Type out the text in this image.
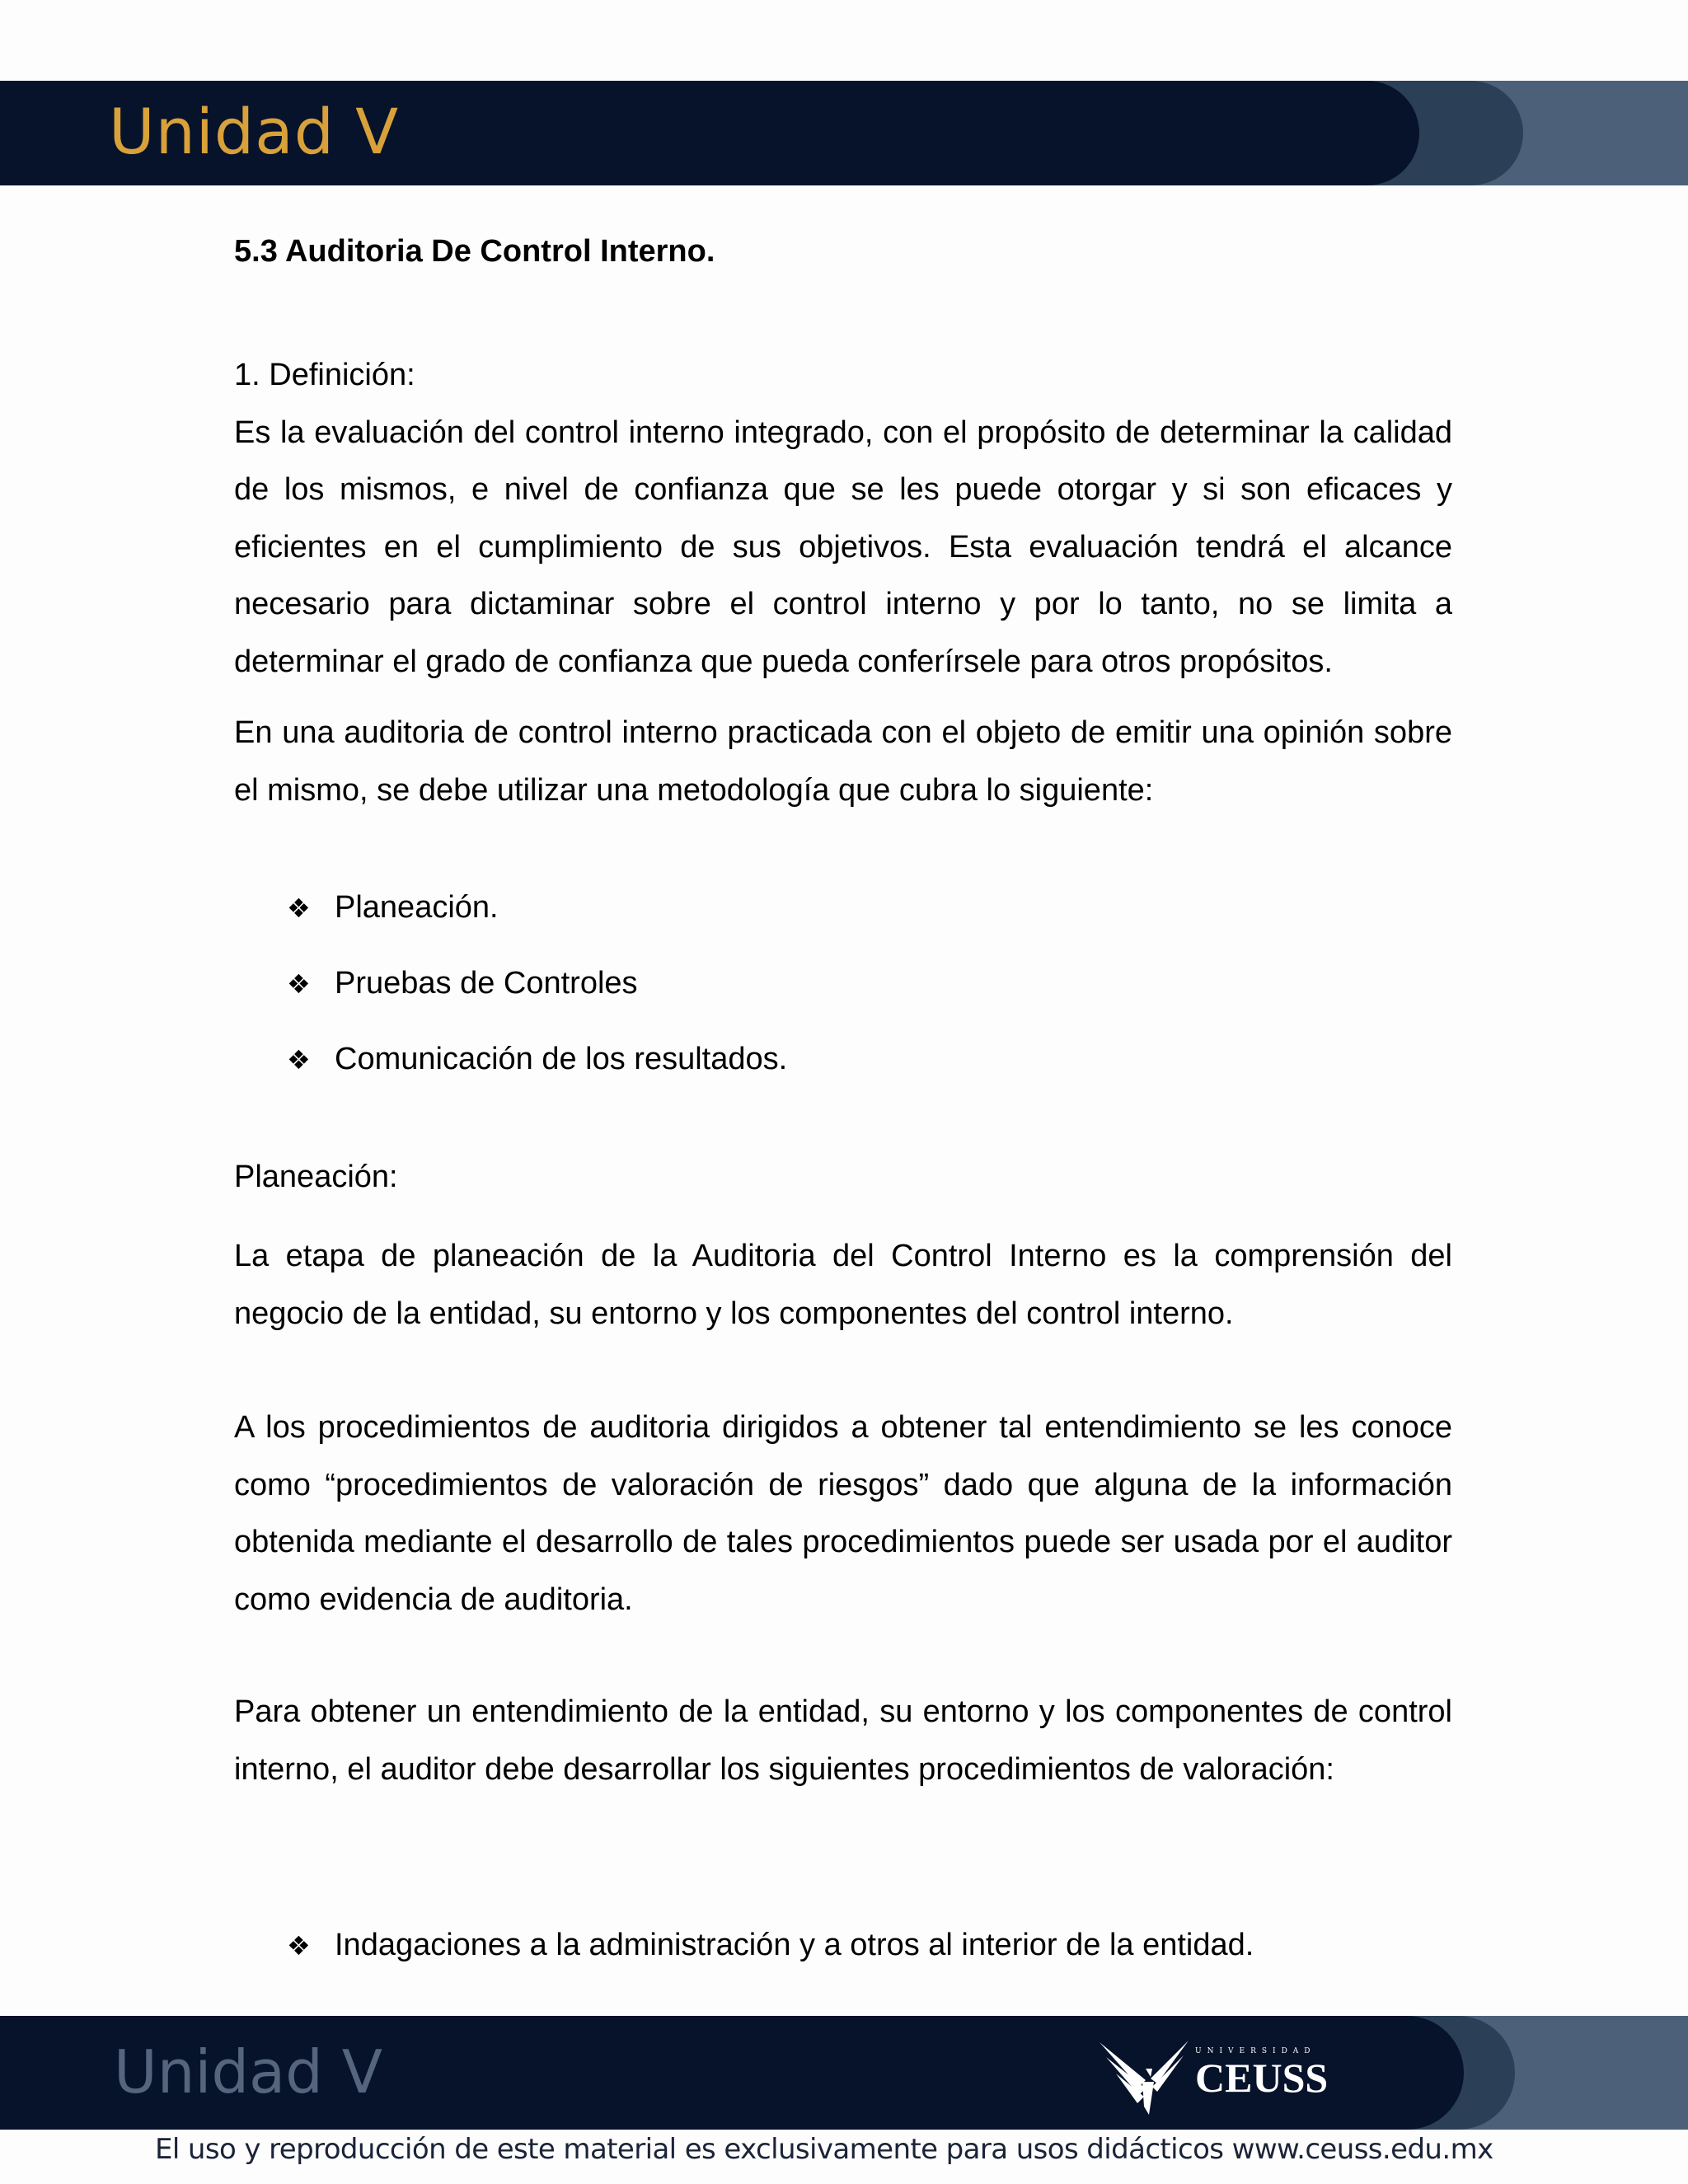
Unidad V
5.3 Auditoria De Control Interno.

1. Definición:

Es la evaluación del control interno integrado, con el propósito de determinar la calidad de los mismos, e nivel de confianza que se les puede otorgar y si son eficaces y eficientes en el cumplimiento de sus objetivos. Esta evaluación tendrá el alcance necesario para dictaminar sobre el control interno y por lo tanto, no se limita a determinar el grado de confianza que pueda conferírsele para otros propósitos.

En una auditoria de control interno practicada con el objeto de emitir una opinión sobre el mismo, se debe utilizar una metodología que cubra lo siguiente:

❖ Planeación.
❖ Pruebas de Controles
❖ Comunicación de los resultados.
Planeación:

La etapa de planeación de la Auditoria del Control Interno es la comprensión del negocio de la entidad, su entorno y los componentes del control interno.

A los procedimientos de auditoria dirigidos a obtener tal entendimiento se les conoce como “procedimientos de valoración de riesgos” dado que alguna de la información obtenida mediante el desarrollo de tales procedimientos puede ser usada por el auditor como evidencia de auditoria.

Para obtener un entendimiento de la entidad, su entorno y los componentes de control interno, el auditor debe desarrollar los siguientes procedimientos de valoración:

❖ Indagaciones a la administración y a otros al interior de la entidad.
Unidad V	UNIVERSIDAD
CEUSS
El uso y reproducción de este material es exclusivamente para usos didácticos www.ceuss.edu.mx
